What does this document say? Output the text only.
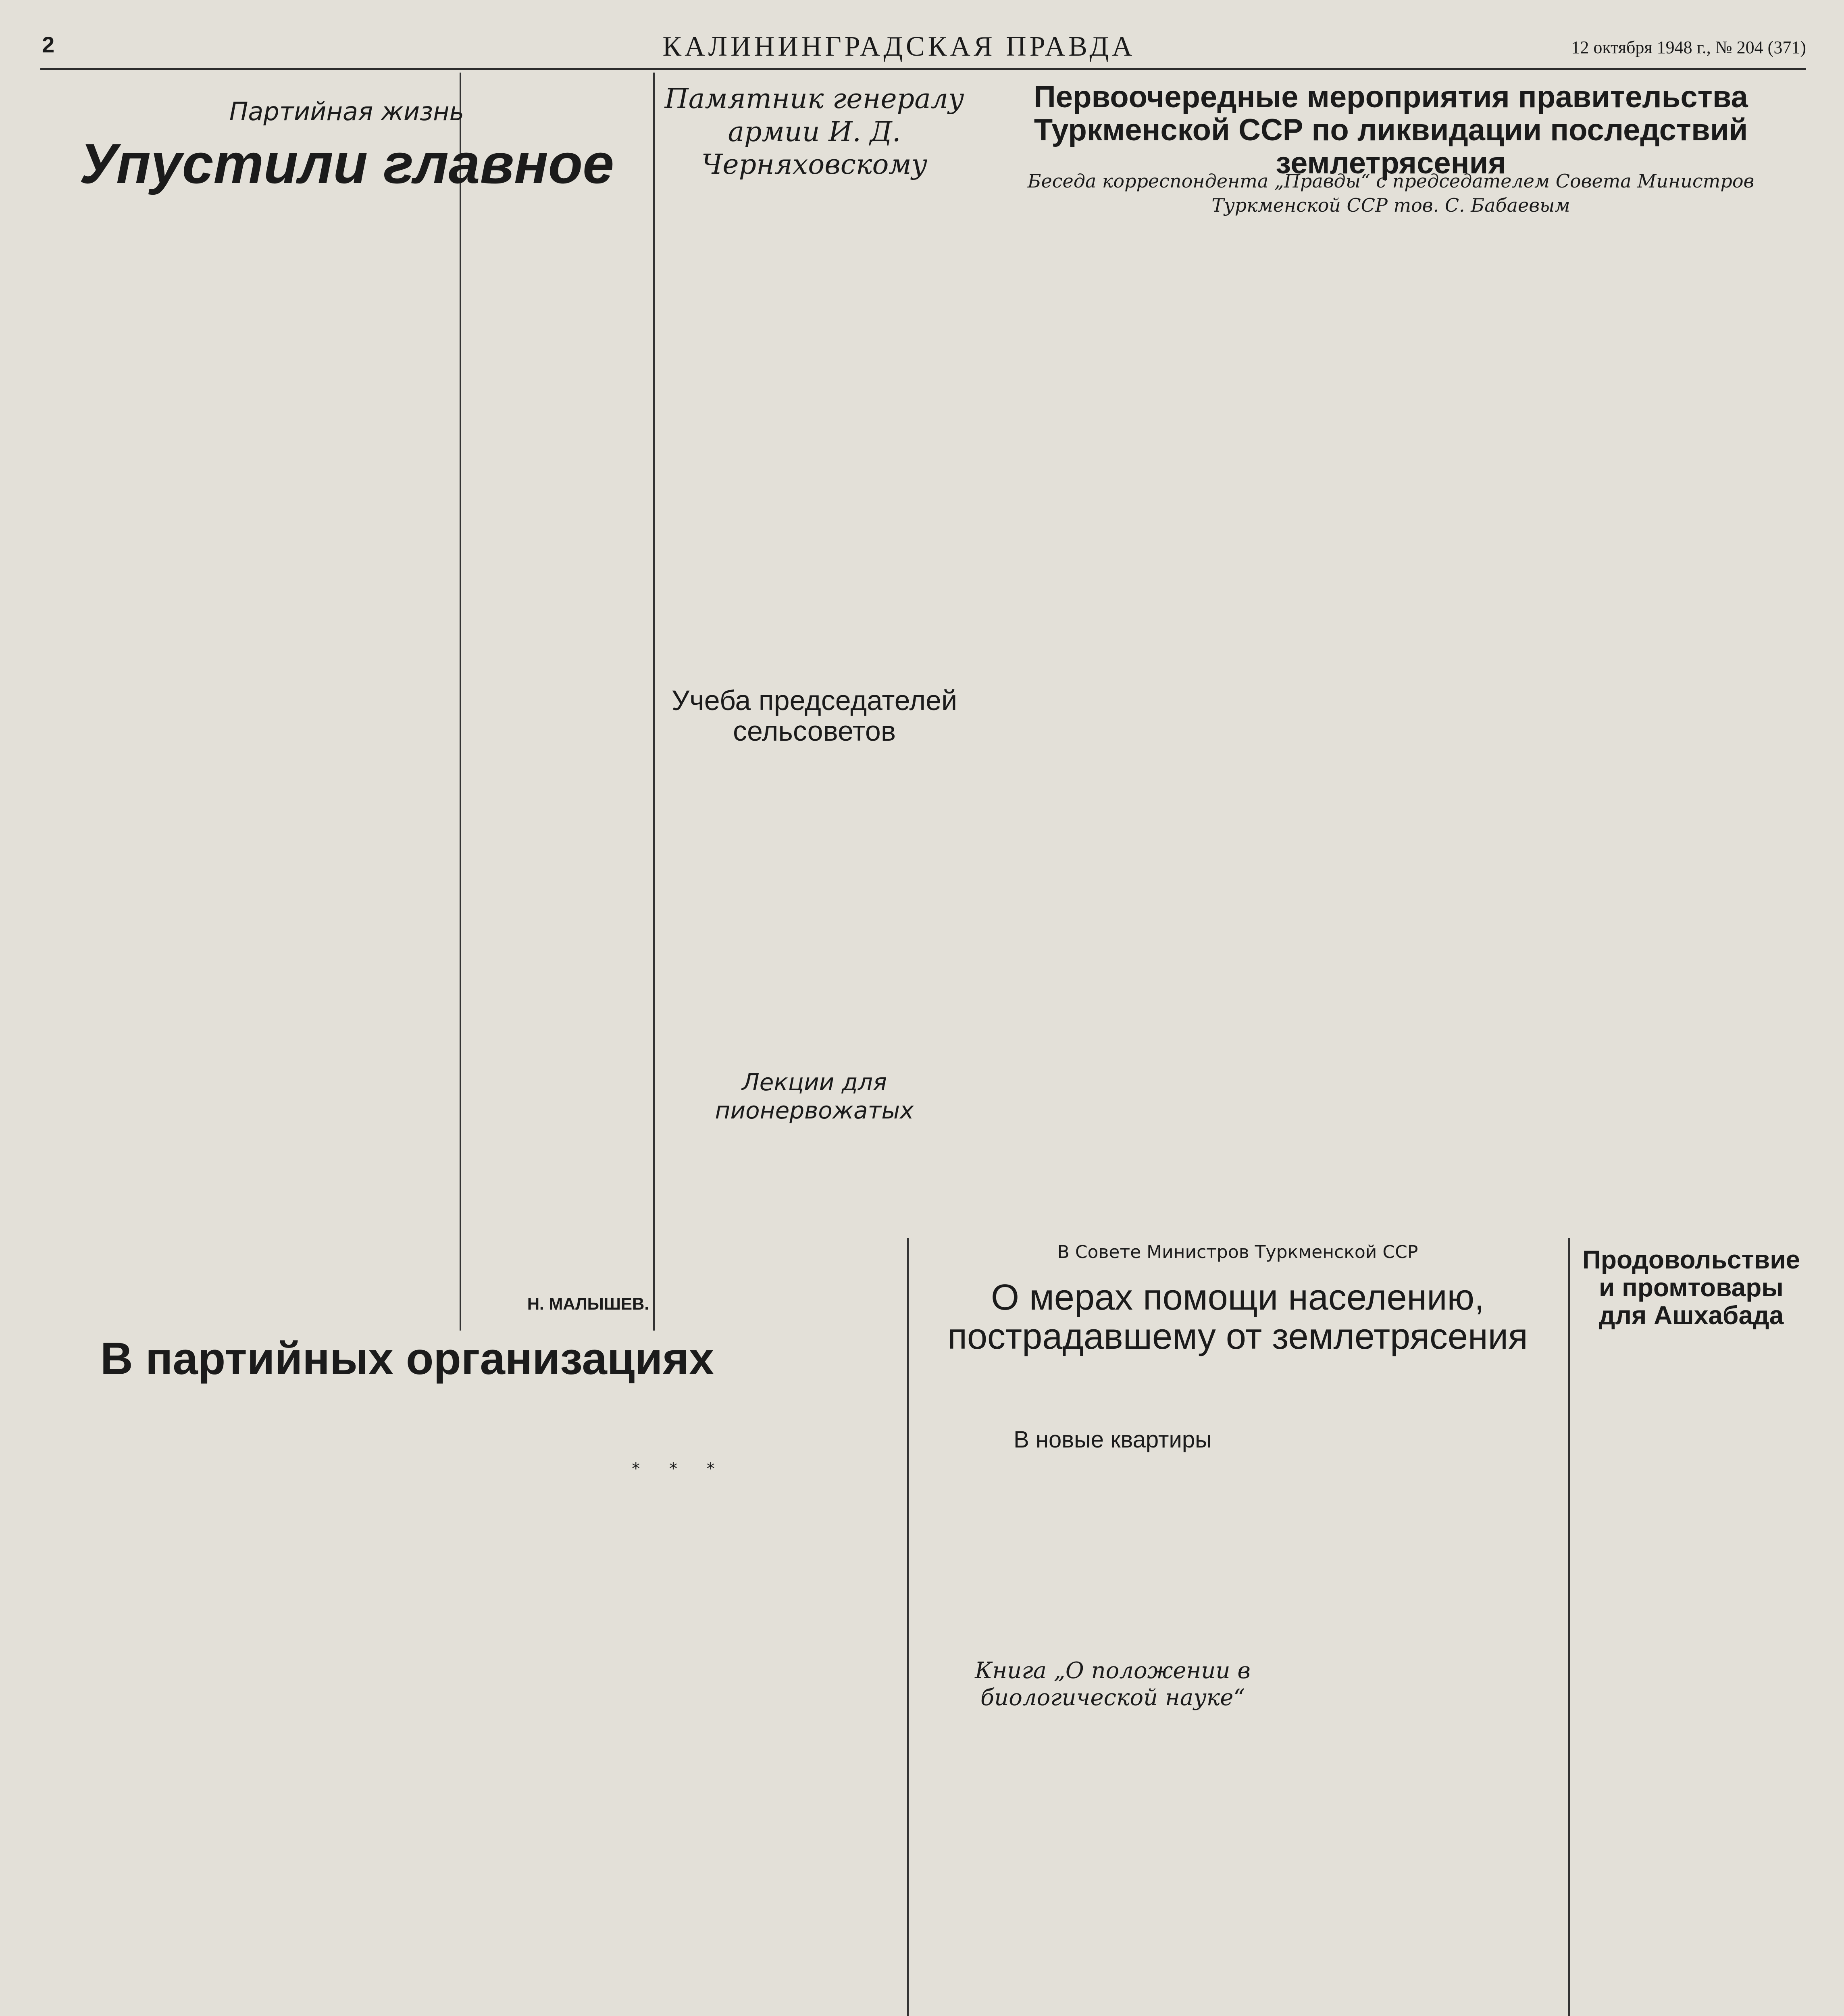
2	КАЛИНИНГРАДСКАЯ ПРАВДА	12 октября 1948 г., № 204 (371)
Партийная жизнь
Упустили главное
Н. МАЛЫШЕВ.
Памятник генералу армии И. Д. Черняховскому
Первоочередные мероприятия правительства Туркменской ССР по ликвидации последствий землетрясения
Беседа корреспондента „Правды“ с председателем Совета Министров Туркменской ССР тов. С. Бабаевым
Учеба председателей сельсоветов
Лекции для пионервожатых
В партийных организациях
* * *
В новые квартиры
Книга „О положении в биологической науке“
В Совете Министров Туркменской ССР
О мерах помощи населению, пострадавшему от землетрясения
Продовольствие и промтовары для Ашхабада
